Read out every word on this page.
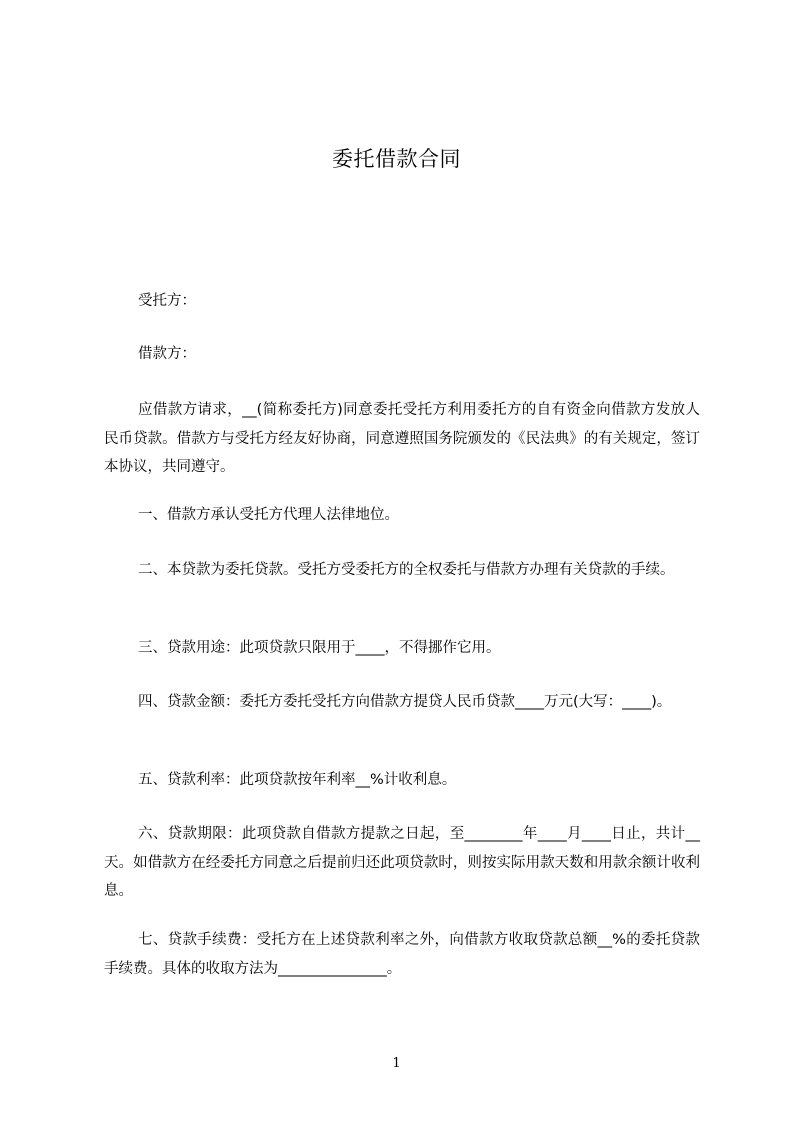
委托借款合同
受托方：
借款方：
应借款方请求，__(简称委托方)同意委托受托方利用委托方的自有资金向借款方发放人民币贷款。借款方与受托方经友好协商，同意遵照国务院颁发的《民法典》的有关规定，签订本协议，共同遵守。
一、借款方承认受托方代理人法律地位。
二、本贷款为委托贷款。受托方受委托方的全权委托与借款方办理有关贷款的手续。
三、贷款用途：此项贷款只限用于____，不得挪作它用。
四、贷款金额：委托方委托受托方向借款方提贷人民币贷款____万元(大写：____)。
五、贷款利率：此项贷款按年利率__%计收利息。
六、贷款期限：此项贷款自借款方提款之日起，至________年____月____日止，共计__天。如借款方在经委托方同意之后提前归还此项贷款时，则按实际用款天数和用款余额计收利息。
七、贷款手续费：受托方在上述贷款利率之外，向借款方收取贷款总额__%的委托贷款手续费。具体的收取方法为_______________。
1
